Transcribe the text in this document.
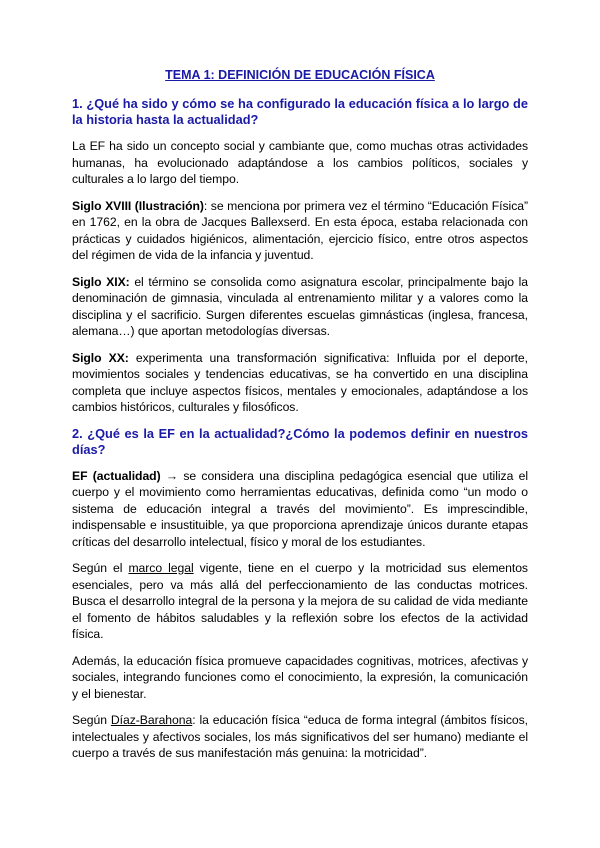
TEMA 1: DEFINICIÓN DE EDUCACIÓN FÍSICA
1. ¿Qué ha sido y cómo se ha configurado la educación física a lo largo de la historia hasta la actualidad?

La EF ha sido un concepto social y cambiante que, como muchas otras actividades humanas, ha evolucionado adaptándose a los cambios políticos, sociales y culturales a lo largo del tiempo.

Siglo XVIII (Ilustración): se menciona por primera vez el término “Educación Física” en 1762, en la obra de Jacques Ballexserd. En esta época, estaba relacionada con prácticas y cuidados higiénicos, alimentación, ejercicio físico, entre otros aspectos del régimen de vida de la infancia y juventud.

Siglo XIX: el término se consolida como asignatura escolar, principalmente bajo la denominación de gimnasia, vinculada al entrenamiento militar y a valores como la disciplina y el sacrificio. Surgen diferentes escuelas gimnásticas (inglesa, francesa, alemana…) que aportan metodologías diversas.

Siglo XX: experimenta una transformación significativa: Influida por el deporte, movimientos sociales y tendencias educativas, se ha convertido en una disciplina completa que incluye aspectos físicos, mentales y emocionales, adaptándose a los cambios históricos, culturales y filosóficos.

2. ¿Qué es la EF en la actualidad?¿Cómo la podemos definir en nuestros días?

EF (actualidad) → se considera una disciplina pedagógica esencial que utiliza el cuerpo y el movimiento como herramientas educativas, definida como “un modo o sistema de educación integral a través del movimiento”. Es imprescindible, indispensable e insustituible, ya que proporciona aprendizaje únicos durante etapas críticas del desarrollo intelectual, físico y moral de los estudiantes.

Según el marco legal vigente, tiene en el cuerpo y la motricidad sus elementos esenciales, pero va más allá del perfeccionamiento de las conductas motrices. Busca el desarrollo integral de la persona y la mejora de su calidad de vida mediante el fomento de hábitos saludables y la reflexión sobre los efectos de la actividad física.

Además, la educación física promueve capacidades cognitivas, motrices, afectivas y sociales, integrando funciones como el conocimiento, la expresión, la comunicación y el bienestar.

Según Díaz-Barahona: la educación física “educa de forma integral (ámbitos físicos, intelectuales y afectivos sociales, los más significativos del ser humano) mediante el cuerpo a través de sus manifestación más genuina: la motricidad”.
